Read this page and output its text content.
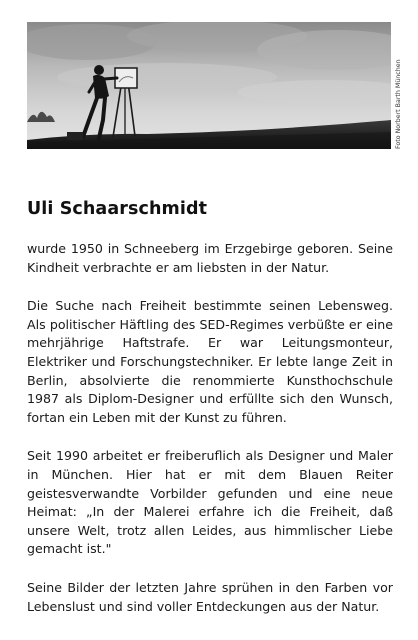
Foto Norbert Barth München
Uli Schaarschmidt

wurde 1950 in Schneeberg im Erzgebirge geboren. Seine Kindheit verbrachte er am liebsten in der Natur.

Die Suche nach Freiheit bestimmte seinen Lebensweg. Als politischer Häftling des SED-Regimes verbüßte er eine mehrjährige Haftstrafe. Er war Leitungsmonteur, Elektriker und Forschungstechniker. Er lebte lange Zeit in Berlin, absolvierte die renommierte Kunsthochschule 1987 als Diplom-Designer und erfüllte sich den Wunsch, fortan ein Leben mit der Kunst zu führen.

Seit 1990 arbeitet er freiberuflich als Designer und Maler in München. Hier hat er mit dem Blauen Reiter geistesverwandte Vorbilder gefunden und eine neue Heimat: „In der Malerei erfahre ich die Freiheit, daß unsere Welt, trotz allen Leides, aus himmlischer Liebe gemacht ist."

Seine Bilder der letzten Jahre sprühen in den Farben vor Lebenslust und sind voller Entdeckungen aus der Natur.
